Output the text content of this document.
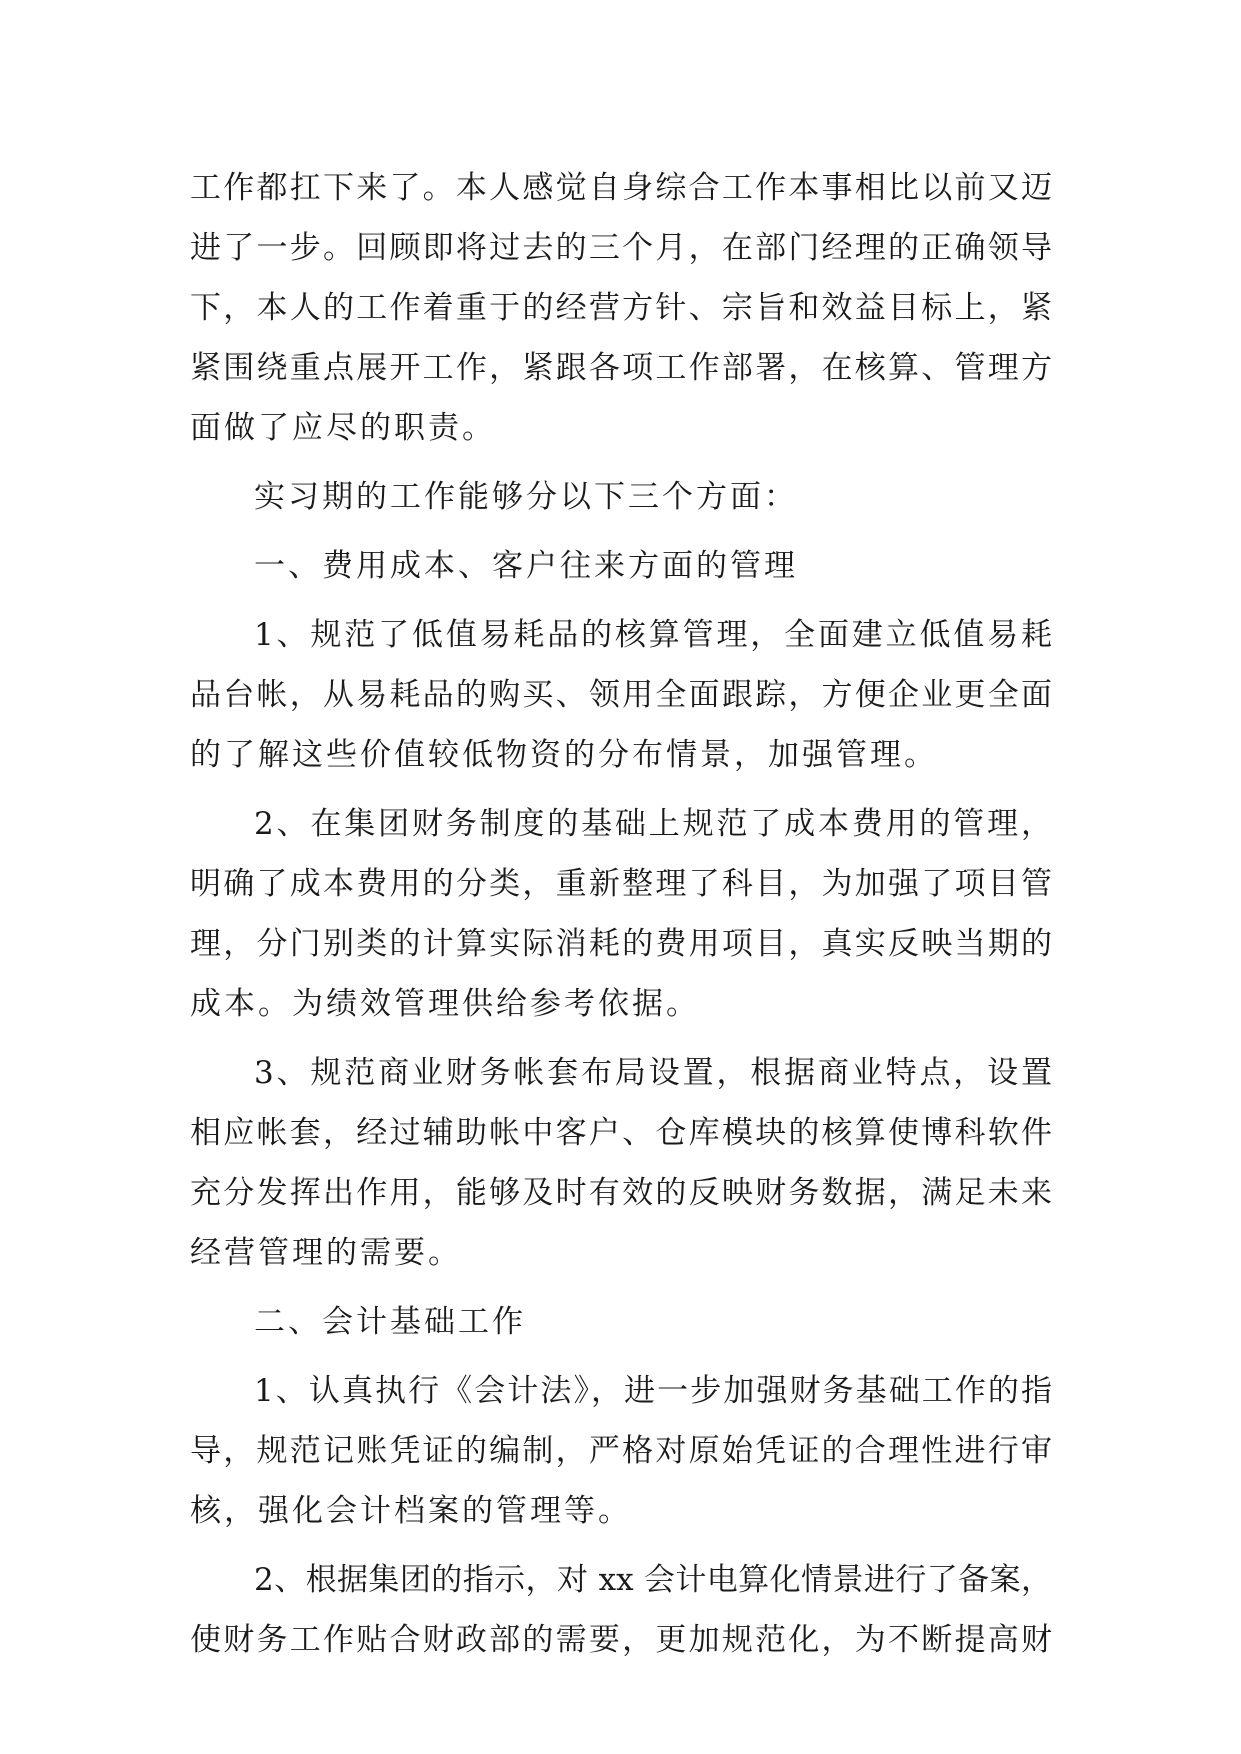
工作都扛下来了。本人感觉自身综合工作本事相比以前又迈
进了一步。回顾即将过去的三个月，在部门经理的正确领导
下，本人的工作着重于的经营方针、宗旨和效益目标上，紧
紧围绕重点展开工作，紧跟各项工作部署，在核算、管理方
面做了应尽的职责。
实习期的工作能够分以下三个方面：
一、费用成本、客户往来方面的管理
1、规范了低值易耗品的核算管理，全面建立低值易耗
品台帐，从易耗品的购买、领用全面跟踪，方便企业更全面
的了解这些价值较低物资的分布情景，加强管理。
2、在集团财务制度的基础上规范了成本费用的管理，
明确了成本费用的分类，重新整理了科目，为加强了项目管
理，分门别类的计算实际消耗的费用项目，真实反映当期的
成本。为绩效管理供给参考依据。
3、规范商业财务帐套布局设置，根据商业特点，设置
相应帐套，经过辅助帐中客户、仓库模块的核算使博科软件
充分发挥出作用，能够及时有效的反映财务数据，满足未来
经营管理的需要。
二、会计基础工作
1、认真执行《会计法》，进一步加强财务基础工作的指
导，规范记账凭证的编制，严格对原始凭证的合理性进行审
核，强化会计档案的管理等。
2、根据集团的指示，对 xx 会计电算化情景进行了备案，
使财务工作贴合财政部的需要，更加规范化，为不断提高财
